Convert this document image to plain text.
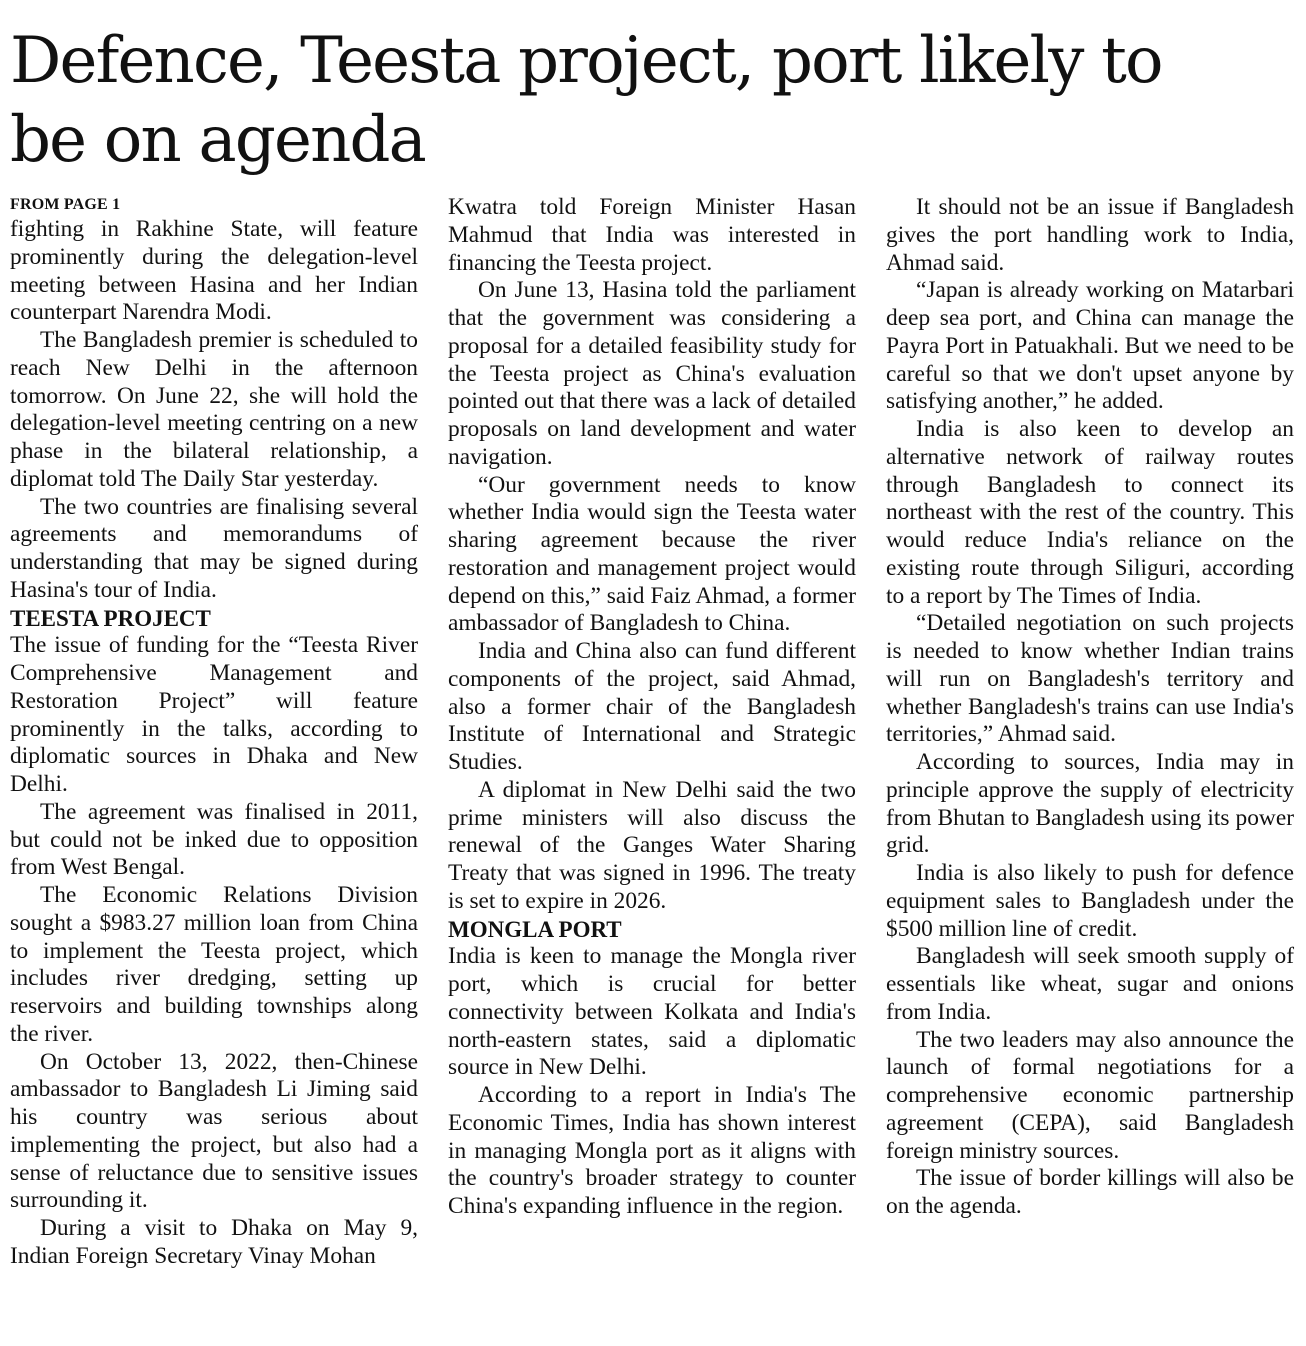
Defence, Teesta project, port likely to be on agenda
FROM PAGE 1

fighting in Rakhine State, will feature prominently during the delegation-level meeting between Hasina and her Indian counterpart Narendra Modi.

The Bangladesh premier is scheduled to reach New Delhi in the afternoon tomorrow. On June 22, she will hold the delegation-level meeting centring on a new phase in the bilateral relationship, a diplomat told The Daily Star yesterday.

The two countries are finalising several agreements and memorandums of understanding that may be signed during Hasina's tour of India.

TEESTA PROJECT

The issue of funding for the “Teesta River Comprehensive Management and Restoration Project” will feature prominently in the talks, according to diplomatic sources in Dhaka and New Delhi.

The agreement was finalised in 2011, but could not be inked due to opposition from West Bengal.

The Economic Relations Division sought a $983.27 million loan from China to implement the Teesta project, which includes river dredging, setting up reservoirs and building townships along the river.

On October 13, 2022, then-Chinese ambassador to Bangladesh Li Jiming said his country was serious about implementing the project, but also had a sense of reluctance due to sensitive issues surrounding it.

During a visit to Dhaka on May 9, Indian Foreign Secretary Vinay Mohan

Kwatra told Foreign Minister Hasan Mahmud that India was interested in financing the Teesta project.

On June 13, Hasina told the parliament that the government was considering a proposal for a detailed feasibility study for the Teesta project as China's evaluation pointed out that there was a lack of detailed proposals on land development and water navigation.

“Our government needs to know whether India would sign the Teesta water sharing agreement because the river restoration and management project would depend on this,” said Faiz Ahmad, a former ambassador of Bangladesh to China.

India and China also can fund different components of the project, said Ahmad, also a former chair of the Bangladesh Institute of International and Strategic Studies.

A diplomat in New Delhi said the two prime ministers will also discuss the renewal of the Ganges Water Sharing Treaty that was signed in 1996. The treaty is set to expire in 2026.

MONGLA PORT

India is keen to manage the Mongla river port, which is crucial for better connectivity between Kolkata and India's north-eastern states, said a diplomatic source in New Delhi.

According to a report in India's The Economic Times, India has shown interest in managing Mongla port as it aligns with the country's broader strategy to counter China's expanding influence in the region.

It should not be an issue if Bangladesh gives the port handling work to India, Ahmad said.

“Japan is already working on Matarbari deep sea port, and China can manage the Payra Port in Patuakhali. But we need to be careful so that we don't upset anyone by satisfying another,” he added.

India is also keen to develop an alternative network of railway routes through Bangladesh to connect its northeast with the rest of the country. This would reduce India's reliance on the existing route through Siliguri, according to a report by The Times of India.

“Detailed negotiation on such projects is needed to know whether Indian trains will run on Bangladesh's territory and whether Bangladesh's trains can use India's territories,” Ahmad said.

According to sources, India may in principle approve the supply of electricity from Bhutan to Bangladesh using its power grid.

India is also likely to push for defence equipment sales to Bangladesh under the $500 million line of credit.

Bangladesh will seek smooth supply of essentials like wheat, sugar and onions from India.

The two leaders may also announce the launch of formal negotiations for a comprehensive economic partnership agreement (CEPA), said Bangladesh foreign ministry sources.

The issue of border killings will also be on the agenda.
